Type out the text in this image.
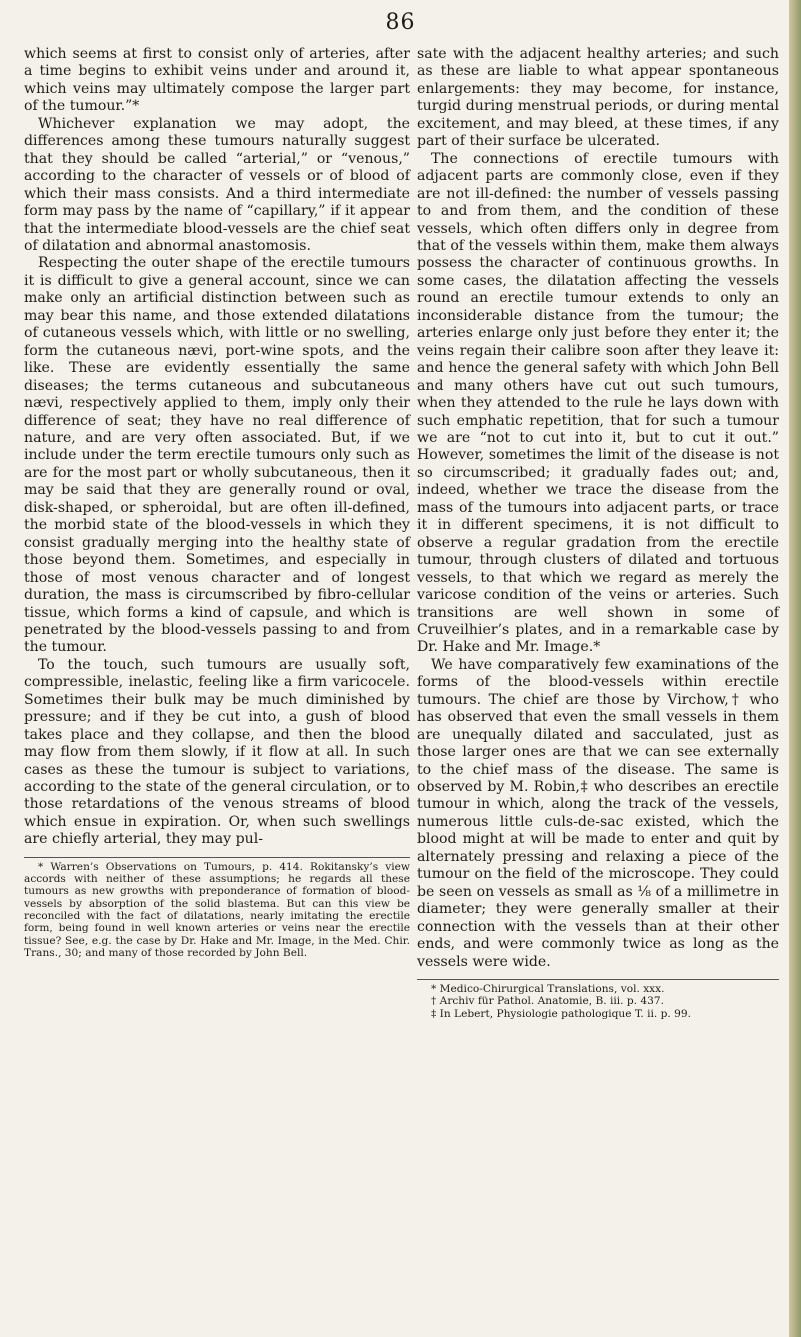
86

which seems at first to consist only of arteries, after a time begins to exhibit veins under and around it, which veins may ultimately compose the larger part of the tumour.”*

Whichever explanation we may adopt, the differences among these tumours naturally suggest that they should be called “arterial,” or “venous,” according to the character of vessels or of blood of which their mass consists. And a third intermediate form may pass by the name of “capillary,” if it appear that the intermediate blood-vessels are the chief seat of dilatation and abnormal anastomosis.

Respecting the outer shape of the erectile tumours it is difficult to give a general account, since we can make only an artificial distinction between such as may bear this name, and those extended dilatations of cutaneous vessels which, with little or no swelling, form the cutaneous nævi, port-wine spots, and the like. These are evidently essentially the same diseases; the terms cutaneous and subcutaneous nævi, respectively applied to them, imply only their difference of seat; they have no real difference of nature, and are very often associated. But, if we include under the term erectile tumours only such as are for the most part or wholly subcutaneous, then it may be said that they are generally round or oval, disk-shaped, or spheroidal, but are often ill-defined, the morbid state of the blood-vessels in which they consist gradually merging into the healthy state of those beyond them. Sometimes, and especially in those of most venous character and of longest duration, the mass is circumscribed by fibro-cellular tissue, which forms a kind of capsule, and which is penetrated by the blood-vessels passing to and from the tumour.

To the touch, such tumours are usually soft, compressible, inelastic, feeling like a firm varicocele. Sometimes their bulk may be much diminished by pressure; and if they be cut into, a gush of blood takes place and they collapse, and then the blood may flow from them slowly, if it flow at all. In such cases as these the tumour is subject to variations, according to the state of the general circulation, or to those retardations of the venous streams of blood which ensue in expiration. Or, when such swellings are chiefly arterial, they may pul-

* Warren’s Observations on Tumours, p. 414. Rokitansky’s view accords with neither of these assumptions; he regards all these tumours as new growths with preponderance of formation of blood-vessels by absorption of the solid blastema. But can this view be reconciled with the fact of dilatations, nearly imitating the erectile form, being found in well known arteries or veins near the erectile tissue? See, e.g. the case by Dr. Hake and Mr. Image, in the Med. Chir. Trans., 30; and many of those recorded by John Bell.

sate with the adjacent healthy arteries; and such as these are liable to what appear spontaneous enlargements: they may become, for instance, turgid during menstrual periods, or during mental excitement, and may bleed, at these times, if any part of their surface be ulcerated.

The connections of erectile tumours with adjacent parts are commonly close, even if they are not ill-defined: the number of vessels passing to and from them, and the condition of these vessels, which often differs only in degree from that of the vessels within them, make them always possess the character of continuous growths. In some cases, the dilatation affecting the vessels round an erectile tumour extends to only an inconsiderable distance from the tumour; the arteries enlarge only just before they enter it; the veins regain their calibre soon after they leave it: and hence the general safety with which John Bell and many others have cut out such tumours, when they attended to the rule he lays down with such emphatic repetition, that for such a tumour we are “not to cut into it, but to cut it out.” However, sometimes the limit of the disease is not so circumscribed; it gradually fades out; and, indeed, whether we trace the disease from the mass of the tumours into adjacent parts, or trace it in different specimens, it is not difficult to observe a regular gradation from the erectile tumour, through clusters of dilated and tortuous vessels, to that which we regard as merely the varicose condition of the veins or arteries. Such transitions are well shown in some of Cruveilhier’s plates, and in a remarkable case by Dr. Hake and Mr. Image.*

We have comparatively few examinations of the forms of the blood-vessels within erectile tumours. The chief are those by Virchow,† who has observed that even the small vessels in them are unequally dilated and sacculated, just as those larger ones are that we can see externally to the chief mass of the disease. The same is observed by M. Robin,‡ who describes an erectile tumour in which, along the track of the vessels, numerous little culs-de-sac existed, which the blood might at will be made to enter and quit by alternately pressing and relaxing a piece of the tumour on the field of the microscope. They could be seen on vessels as small as ⅛ of a millimetre in diameter; they were generally smaller at their connection with the vessels than at their other ends, and were commonly twice as long as the vessels were wide.

* Medico-Chirurgical Translations, vol. xxx.

† Archiv für Pathol. Anatomie, B. iii. p. 437.

‡ In Lebert, Physiologie pathologique T. ii. p. 99.
